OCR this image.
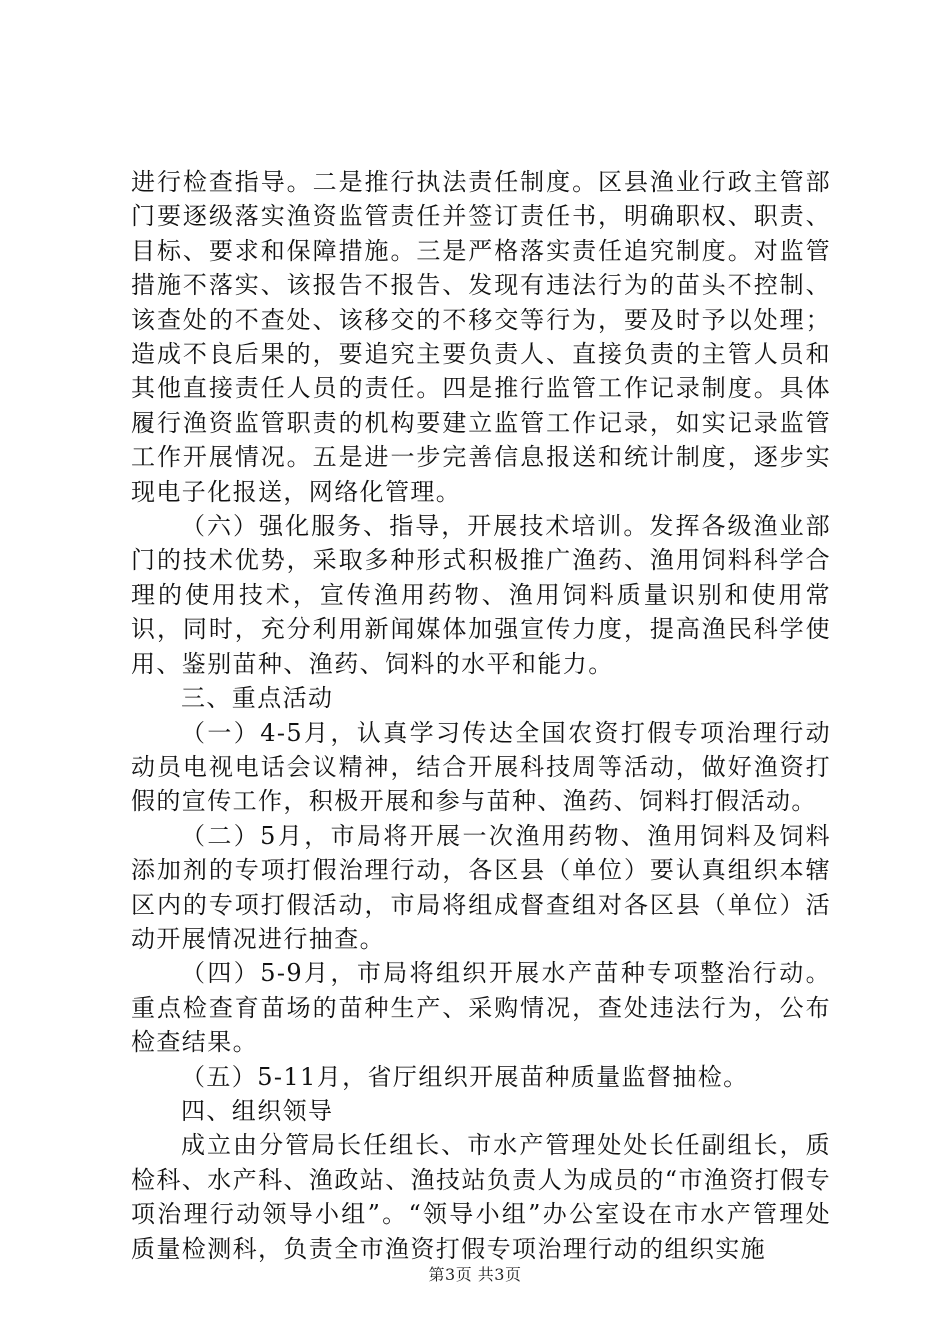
进行检查指导。二是推行执法责任制度。区县渔业行政主管部门要逐级落实渔资监管责任并签订责任书，明确职权、职责、目标、要求和保障措施。三是严格落实责任追究制度。对监管措施不落实、该报告不报告、发现有违法行为的苗头不控制、该查处的不查处、该移交的不移交等行为，要及时予以处理；造成不良后果的，要追究主要负责人、直接负责的主管人员和其他直接责任人员的责任。四是推行监管工作记录制度。具体履行渔资监管职责的机构要建立监管工作记录，如实记录监管工作开展情况。五是进一步完善信息报送和统计制度，逐步实现电子化报送，网络化管理。

（六）强化服务、指导，开展技术培训。发挥各级渔业部门的技术优势，采取多种形式积极推广渔药、渔用饲料科学合理的使用技术，宣传渔用药物、渔用饲料质量识别和使用常识，同时，充分利用新闻媒体加强宣传力度，提高渔民科学使用、鉴别苗种、渔药、饲料的水平和能力。

三、重点活动

（一）4-5月，认真学习传达全国农资打假专项治理行动动员电视电话会议精神，结合开展科技周等活动，做好渔资打假的宣传工作，积极开展和参与苗种、渔药、饲料打假活动。

（二）5月，市局将开展一次渔用药物、渔用饲料及饲料添加剂的专项打假治理行动，各区县（单位）要认真组织本辖区内的专项打假活动，市局将组成督查组对各区县（单位）活动开展情况进行抽查。

（四）5-9月，市局将组织开展水产苗种专项整治行动。重点检查育苗场的苗种生产、采购情况，查处违法行为，公布检查结果。

（五）5-11月，省厅组织开展苗种质量监督抽检。

四、组织领导

成立由分管局长任组长、市水产管理处处长任副组长，质检科、水产科、渔政站、渔技站负责人为成员的“市渔资打假专项治理行动领导小组”。“领导小组”办公室设在市水产管理处质量检测科，负责全市渔资打假专项治理行动的组织实施

第3页 共3页
